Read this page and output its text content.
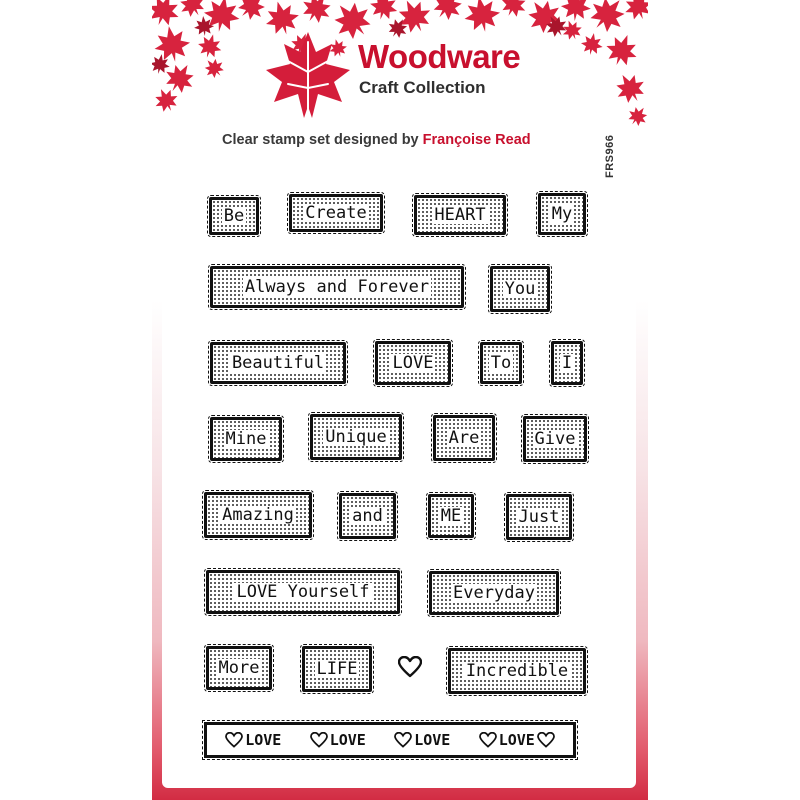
Woodware
Craft Collection
Clear stamp set designed by Françoise Read	FRS966
Be	Create	HEART	My
Always and Forever	You
Beautiful	LOVE	To	I
Mine	Unique	Are	Give
Amazing	and	ME	Just
LOVE Yourself	Everyday
More	LIFE	Incredible
LOVE	LOVE	LOVE	LOVE
